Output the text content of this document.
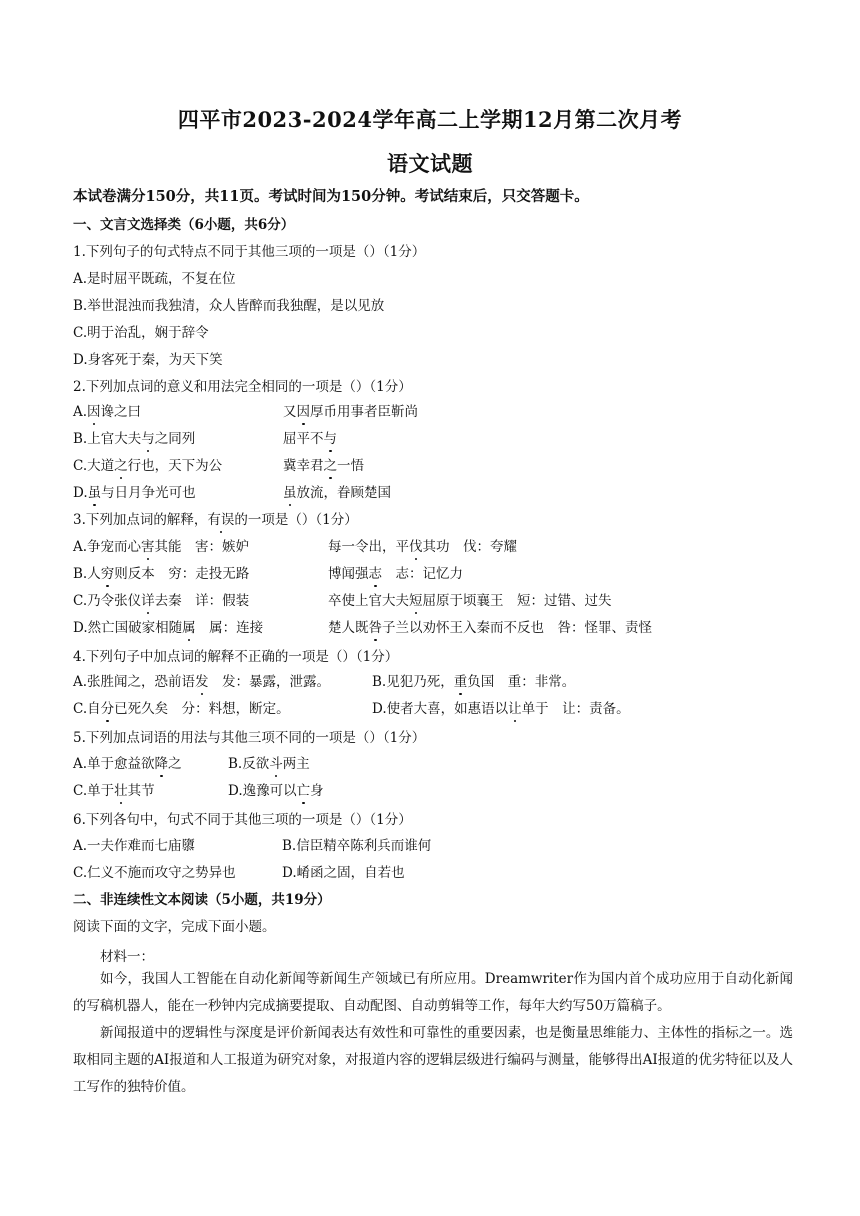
四平市2023-2024学年高二上学期12月第二次月考
语文试题
本试卷满分150分，共11页。考试时间为150分钟。考试结束后，只交答题卡。
一、文言文选择类（6小题，共6分）
1.下列句子的句式特点不同于其他三项的一项是（）（1分）
A.是时屈平既疏，不复在位
B.举世混浊而我独清，众人皆醉而我独醒，是以见放
C.明于治乱，娴于辞令
D.身客死于秦，为天下笑
2.下列加点词的意义和用法完全相同的一项是（）（1分）
A.因谗之曰	又因厚币用事者臣靳尚
B.上官大夫与之同列	屈平不与
C.大道之行也，天下为公	冀幸君之一悟
D.虽与日月争光可也	虽放流，眷顾楚国
3.下列加点词的解释，有误的一项是（）（1分）
A.争宠而心害其能　害：嫉妒	每一令出，平伐其功　伐：夸耀
B.人穷则反本　穷：走投无路	博闻强志　志：记忆力
C.乃令张仪详去秦　详：假装	卒使上官大夫短屈原于顷襄王　短：过错、过失
D.然亡国破家相随属　属：连接	楚人既咎子兰以劝怀王入秦而不反也　咎：怪罪、责怪
4.下列句子中加点词的解释不正确的一项是（）（1分）
A.张胜闻之，恐前语发　发：暴露，泄露。	B.见犯乃死，重负国　重：非常。
C.自分已死久矣　分：料想，断定。	D.使者大喜，如惠语以让单于　让：责备。
5.下列加点词语的用法与其他三项不同的一项是（）（1分）
A.单于愈益欲降之	B.反欲斗两主
C.单于壮其节	D.逸豫可以亡身
6.下列各句中，句式不同于其他三项的一项是（）（1分）
A.一夫作难而七庙隳	B.信臣精卒陈利兵而谁何
C.仁义不施而攻守之势异也	D.崤函之固，自若也
二、非连续性文本阅读（5小题，共19分）
阅读下面的文字，完成下面小题。
材料一：

如今，我国人工智能在自动化新闻等新闻生产领域已有所应用。Dreamwriter作为国内首个成功应用于自动化新闻的写稿机器人，能在一秒钟内完成摘要提取、自动配图、自动剪辑等工作，每年大约写50万篇稿子。

新闻报道中的逻辑性与深度是评价新闻表达有效性和可靠性的重要因素，也是衡量思维能力、主体性的指标之一。选取相同主题的AI报道和人工报道为研究对象，对报道内容的逻辑层级进行编码与测量，能够得出AI报道的优劣特征以及人工写作的独特价值。
